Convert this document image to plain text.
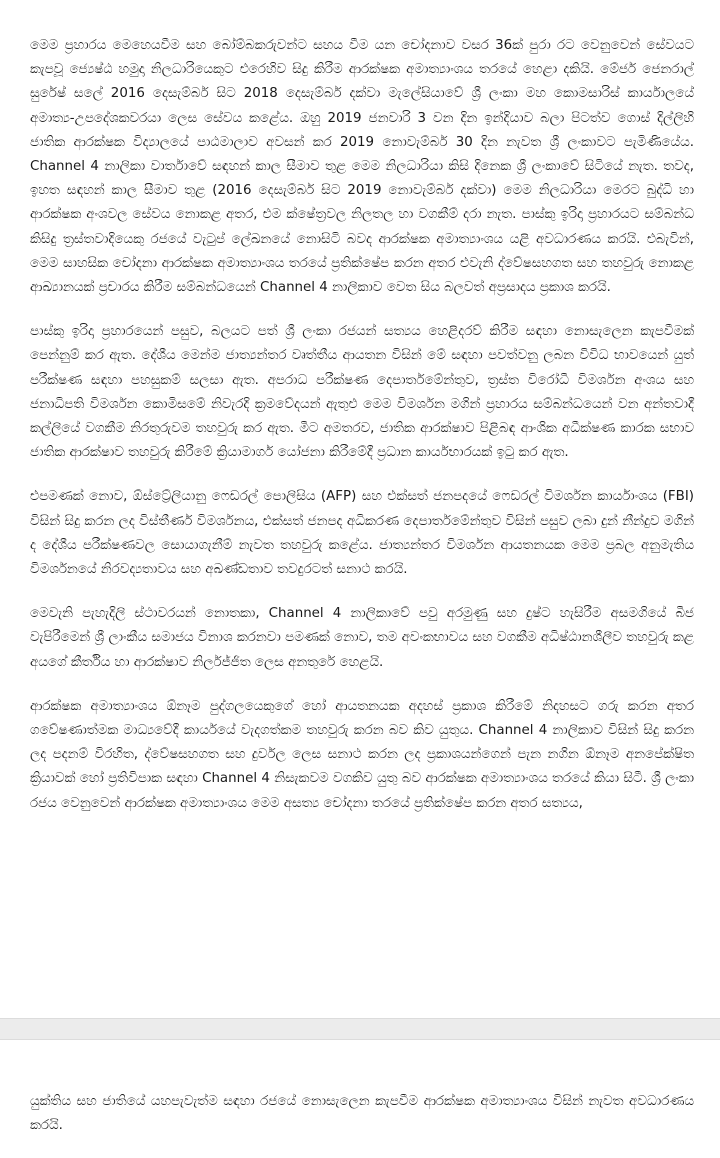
මෙම ප්‍රහාරය මෙහෙයවීම සහ බෝම්බකරුවන්ට සහය වීම යන චෝදනාව වසර 36ක් පුරා රට වෙනුවෙන් සේවයට කැපවූ ජ්‍යෙෂ්ඨ හමුදා නිලධාරියෙකුට එරෙහිව සිදු කිරීම ආරක්ෂක අමාත්‍යාංශය තරයේ හෙළා දකියි. මේජර් ජෙනරාල් සුරේෂ් සලේ 2016 දෙසැම්බර් සිට 2018 දෙසැම්බර් දක්වා මැලේසියාවේ ශ්‍රී ලංකා මහ කොමසාරිස් කාර්යාලයේ අමාත්‍ය-උපදේශකවරයා ලෙස සේවය කළේය. ඔහු 2019 ජනවාරි 3 වන දින ඉන්දියාව බලා පිටත්ව ගොස් දිල්ලිහි ජාතික ආරක්ෂක විද්‍යාලයේ පාඨමාලාව අවසන් කර 2019 නොවැම්බර් 30 දින නැවත ශ්‍රී ලංකාවට පැමිණියේය. Channel 4 නාලිකා වාර්තාවේ සඳහන් කාල සීමාව තුළ මෙම නිලධාරියා කිසි දිනෙක ශ්‍රී ලංකාවේ සිටියේ නැත. තවද, ඉහත සඳහන් කාල සීමාව තුළ (2016 දෙසැම්බර් සිට 2019 නොවැම්බර් දක්වා) මෙම නිලධාරියා මෙරට බුද්ධි හා ආරක්ෂක අංශවල සේවය නොකළ අතර, එම ක්ෂේත්‍රවල නිලතල හා වගකීම් දරා නැත. පාස්කු ඉරිදා ප්‍රහාරයට සම්බන්ධ කිසිදු ත්‍රස්තවාදියෙකු රජයේ වැටුප් ලේඛනයේ නොසිටි බවද ආරක්ෂක අමාත්‍යාංශය යළි අවධාරණය කරයි. එබැවින්, මෙම සාහසික චෝදනා ආරක්ෂක අමාත්‍යාංශය තරයේ ප්‍රතික්ෂේප කරන අතර එවැනි ද්වේෂසහගත සහ තහවුරු නොකළ ආඛ්‍යානයක් ප්‍රචාරය කිරීම සම්බන්ධයෙන් Channel 4 නාලිකාව වෙත සිය බලවත් අප්‍රසාදය ප්‍රකාශ කරයි.

පාස්කු ඉරිදා ප්‍රහාරයෙන් පසුව, බලයට පත් ශ්‍රී ලංකා රජයන් සත්‍යය හෙළිදරව් කිරීම සඳහා නොසැලෙන කැපවීමක් පෙන්නුම් කර ඇත. දේශීය මෙන්ම ජාත්‍යන්තර වෘත්තීය ආයතන විසින් මේ සඳහා පවත්වනු ලබන විවිධ භාවයෙන් යුත් පරීක්ෂණ සඳහා පහසුකම් සලසා ඇත. අපරාධ පරීක්ෂණ දෙපාර්තමේන්තුව, ත්‍රස්ත විරෝධී විමර්ශන අංශය සහ ජනාධිපති විමර්ශන කොමිසමේ නිවැරදි ක්‍රමවේදයන් ඇතුළු මෙම විමර්ශන මගින් ප්‍රහාරය සම්බන්ධයෙන් වන අන්තවාදී කල්ලියේ වගකීම නිරතුරුවම තහවුරු කර ඇත. මීට අමතරව, ජාතික ආරක්ෂාව පිළිබඳ ආංශික අධීක්ෂණ කාරක සභාව ජාතික ආරක්ෂාව තහවුරු කිරීමේ ක්‍රියාමාර්ග යෝජනා කිරීමේදී ප්‍රධාන කාර්යභාරයක් ඉටු කර ඇත.

එපමණක් නොව, ඕස්ට්‍රේලියානු ෆෙඩරල් පොලිසිය (AFP) සහ එක්සත් ජනපදයේ ෆෙඩරල් විමර්ශන කාර්යාංශය (FBI) විසින් සිදු කරන ලද විස්තීර්ණ විමර්ශනය, එක්සත් ජනපද අධිකරණ දෙපාර්තමේන්තුව විසින් පසුව ලබා දුන් නීන්දුව මගින් ද දේශීය පරීක්ෂණවල සොයාගැනීම් නැවත තහවුරු කළේය. ජාත්‍යන්තර විමර්ශන ආයතනයක මෙම ප්‍රබල අනුමැතිය විමර්ශනයේ නිරවද්‍යතාවය සහ අඛණ්ඩතාව තවදුරටත් සනාථ කරයි.

මෙවැනි පැහැදිලි ස්ථාවරයන් නොතකා, Channel 4 නාලිකාවේ පවු අරමුණු සහ දුෂ්ට හැසිරීම අසමගියේ බීජ වැපිරීමෙන් ශ්‍රී ලාංකීය සමාජය විනාශ කරනවා පමණක් නොව, තම අවංකභාවය සහ වගකීම අධිෂ්ඨානශීලීව තහවුරු කළ අයගේ කීර්තිය හා ආරක්ෂාව නිර්ලජ්ජිත ලෙස අනතුරේ හෙළයි.

ආරක්ෂක අමාත්‍යාංශය ඕනෑම පුද්ගලයෙකුගේ හෝ ආයතනයක අදහස් ප්‍රකාශ කිරීමේ නිදහසට ගරු කරන අතර ගවේෂණාත්මක මාධ්‍යවේදී කාර්යයේ වැදගත්කම තහවුරු කරන බව කිව යුතුය. Channel 4 නාලිකාව විසින් සිදු කරන ලද පදනම් විරහිත, ද්වේෂසහගත සහ දුර්වල ලෙස සනාථ කරන ලද ප්‍රකාශයන්ගෙන් පැන නගින ඕනෑම අනපේක්ෂිත ක්‍රියාවක් හෝ ප්‍රතිවිපාක සඳහා Channel 4 නිසැකවම වගකිව යුතු බව ආරක්ෂක අමාත්‍යාංශය තරයේ කියා සිටී. ශ්‍රී ලංකා රජය වෙනුවෙන් ආරක්ෂක අමාත්‍යාංශය මෙම අසත්‍ය චෝදනා තරයේ ප්‍රතික්ෂේප කරන අතර සත්‍යය,

යුක්තිය සහ ජාතියේ යහපැවැත්ම සඳහා රජයේ නොසැලෙන කැපවීම ආරක්ෂක අමාත්‍යාංශය විසින් නැවත අවධාරණය කරයි.
